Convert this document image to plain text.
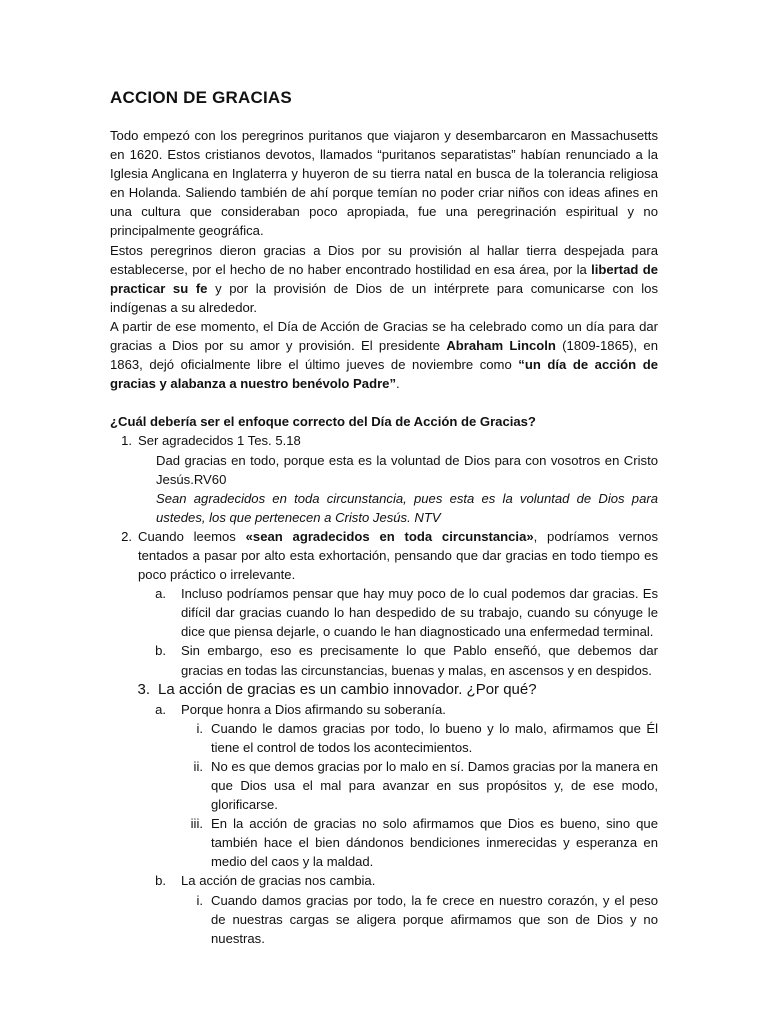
ACCION DE GRACIAS

Todo empezó con los peregrinos puritanos que viajaron y desembarcaron en Massachusetts en 1620. Estos cristianos devotos, llamados “puritanos separatistas” habían renunciado a la Iglesia Anglicana en Inglaterra y huyeron de su tierra natal en busca de la tolerancia religiosa en Holanda. Saliendo también de ahí porque temían no poder criar niños con ideas afines en una cultura que consideraban poco apropiada, fue una peregrinación espiritual y no principalmente geográfica.

Estos peregrinos dieron gracias a Dios por su provisión al hallar tierra despejada para establecerse, por el hecho de no haber encontrado hostilidad en esa área, por la libertad de practicar su fe y por la provisión de Dios de un intérprete para comunicarse con los indígenas a su alrededor.

A partir de ese momento, el Día de Acción de Gracias se ha celebrado como un día para dar gracias a Dios por su amor y provisión. El presidente Abraham Lincoln (1809-1865), en 1863, dejó oficialmente libre el último jueves de noviembre como “un día de acción de gracias y alabanza a nuestro benévolo Padre”.

¿Cuál debería ser el enfoque correcto del Día de Acción de Gracias?
1. Ser agradecidos 1 Tes. 5.18
Dad gracias en todo, porque esta es la voluntad de Dios para con vosotros en Cristo Jesús.RV60
Sean agradecidos en toda circunstancia, pues esta es la voluntad de Dios para ustedes, los que pertenecen a Cristo Jesús. NTV
2. Cuando leemos «sean agradecidos en toda circunstancia», podríamos vernos tentados a pasar por alto esta exhortación, pensando que dar gracias en todo tiempo es poco práctico o irrelevante.
a.	Incluso podríamos pensar que hay muy poco de lo cual podemos dar gracias. Es difícil dar gracias cuando lo han despedido de su trabajo, cuando su cónyuge le dice que piensa dejarle, o cuando le han diagnosticado una enfermedad terminal.
b.	Sin embargo, eso es precisamente lo que Pablo enseñó, que debemos dar gracias en todas las circunstancias, buenas y malas, en ascensos y en despidos.
3. La acción de gracias es un cambio innovador. ¿Por qué?
a.	Porque honra a Dios afirmando su soberanía.
i. Cuando le damos gracias por todo, lo bueno y lo malo, afirmamos que Él tiene el control de todos los acontecimientos.
ii. No es que demos gracias por lo malo en sí. Damos gracias por la manera en que Dios usa el mal para avanzar en sus propósitos y, de ese modo, glorificarse.
iii. En la acción de gracias no solo afirmamos que Dios es bueno, sino que también hace el bien dándonos bendiciones inmerecidas y esperanza en medio del caos y la maldad.
b.	La acción de gracias nos cambia.
i. Cuando damos gracias por todo, la fe crece en nuestro corazón, y el peso de nuestras cargas se aligera porque afirmamos que son de Dios y no nuestras.
